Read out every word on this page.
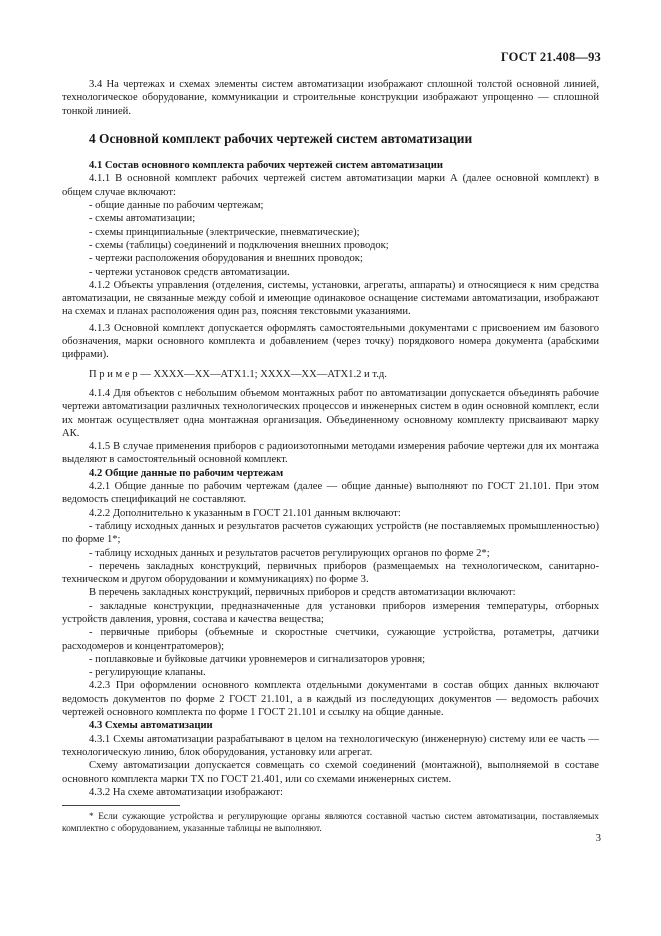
ГОСТ 21.408—93

3.4 На чертежах и схемах элементы систем автоматизации изображают сплошной толстой основной линией, технологическое оборудование, коммуникации и строительные конструкции изображают упрощенно — сплошной тонкой линией.

4 Основной комплект рабочих чертежей систем автоматизации

4.1 Состав основного комплекта рабочих чертежей систем автоматизации

4.1.1 В основной комплект рабочих чертежей систем автоматизации марки А (далее основной комплект) в общем случае включают:

- общие данные по рабочим чертежам;

- схемы автоматизации;

- схемы принципиальные (электрические, пневматические);

- схемы (таблицы) соединений и подключения внешних проводок;

- чертежи расположения оборудования и внешних проводок;

- чертежи установок средств автоматизации.

4.1.2 Объекты управления (отделения, системы, установки, агрегаты, аппараты) и относящиеся к ним средства автоматизации, не связанные между собой и имеющие одинаковое оснащение системами автоматизации, изображают на схемах и планах расположения один раз, поясняя текстовыми указаниями.

4.1.3 Основной комплект допускается оформлять самостоятельными документами с присвоением им базового обозначения, марки основного комплекта и добавлением (через точку) порядкового номера документа (арабскими цифрами).

П р и м е р — ХХХХ—ХХ—АТХ1.1; ХХХХ—ХХ—АТХ1.2 и т.д.

4.1.4 Для объектов с небольшим объемом монтажных работ по автоматизации допускается объединять рабочие чертежи автоматизации различных технологических процессов и инженерных систем в один основной комплект, если их монтаж осуществляет одна монтажная организация. Объединенному основному комплекту присваивают марку АК.

4.1.5 В случае применения приборов с радиоизотопными методами измерения рабочие чертежи для их монтажа выделяют в самостоятельный основной комплект.

4.2 Общие данные по рабочим чертежам

4.2.1 Общие данные по рабочим чертежам (далее — общие данные) выполняют по ГОСТ 21.101. При этом ведомость спецификаций не составляют.

4.2.2 Дополнительно к указанным в ГОСТ 21.101 данным включают:

- таблицу исходных данных и результатов расчетов сужающих устройств (не поставляемых промышленностью) по форме 1*;

- таблицу исходных данных и результатов расчетов регулирующих органов по форме 2*;

- перечень закладных конструкций, первичных приборов (размещаемых на технологическом, санитарно-техническом и другом оборудовании и коммуникациях) по форме 3.

В перечень закладных конструкций, первичных приборов и средств автоматизации включают:

- закладные конструкции, предназначенные для установки приборов измерения температуры, отборных устройств давления, уровня, состава и качества вещества;

- первичные приборы (объемные и скоростные счетчики, сужающие устройства, ротаметры, датчики расходомеров и концентратомеров);

- поплавковые и буйковые датчики уровнемеров и сигнализаторов уровня;

- регулирующие клапаны.

4.2.3 При оформлении основного комплекта отдельными документами в состав общих данных включают ведомость документов по форме 2 ГОСТ 21.101, а в каждый из последующих документов — ведомость рабочих чертежей основного комплекта по форме 1 ГОСТ 21.101 и ссылку на общие данные.

4.3 Схемы автоматизации

4.3.1 Схемы автоматизации разрабатывают в целом на технологическую (инженерную) систему или ее часть — технологическую линию, блок оборудования, установку или агрегат.

Схему автоматизации допускается совмещать со схемой соединений (монтажной), выполняемой в составе основного комплекта марки ТХ по ГОСТ 21.401, или со схемами инженерных систем.

4.3.2 На схеме автоматизации изображают:

* Если сужающие устройства и регулирующие органы являются составной частью систем автоматизации, поставляемых комплектно с оборудованием, указанные таблицы не выполняют.

3
